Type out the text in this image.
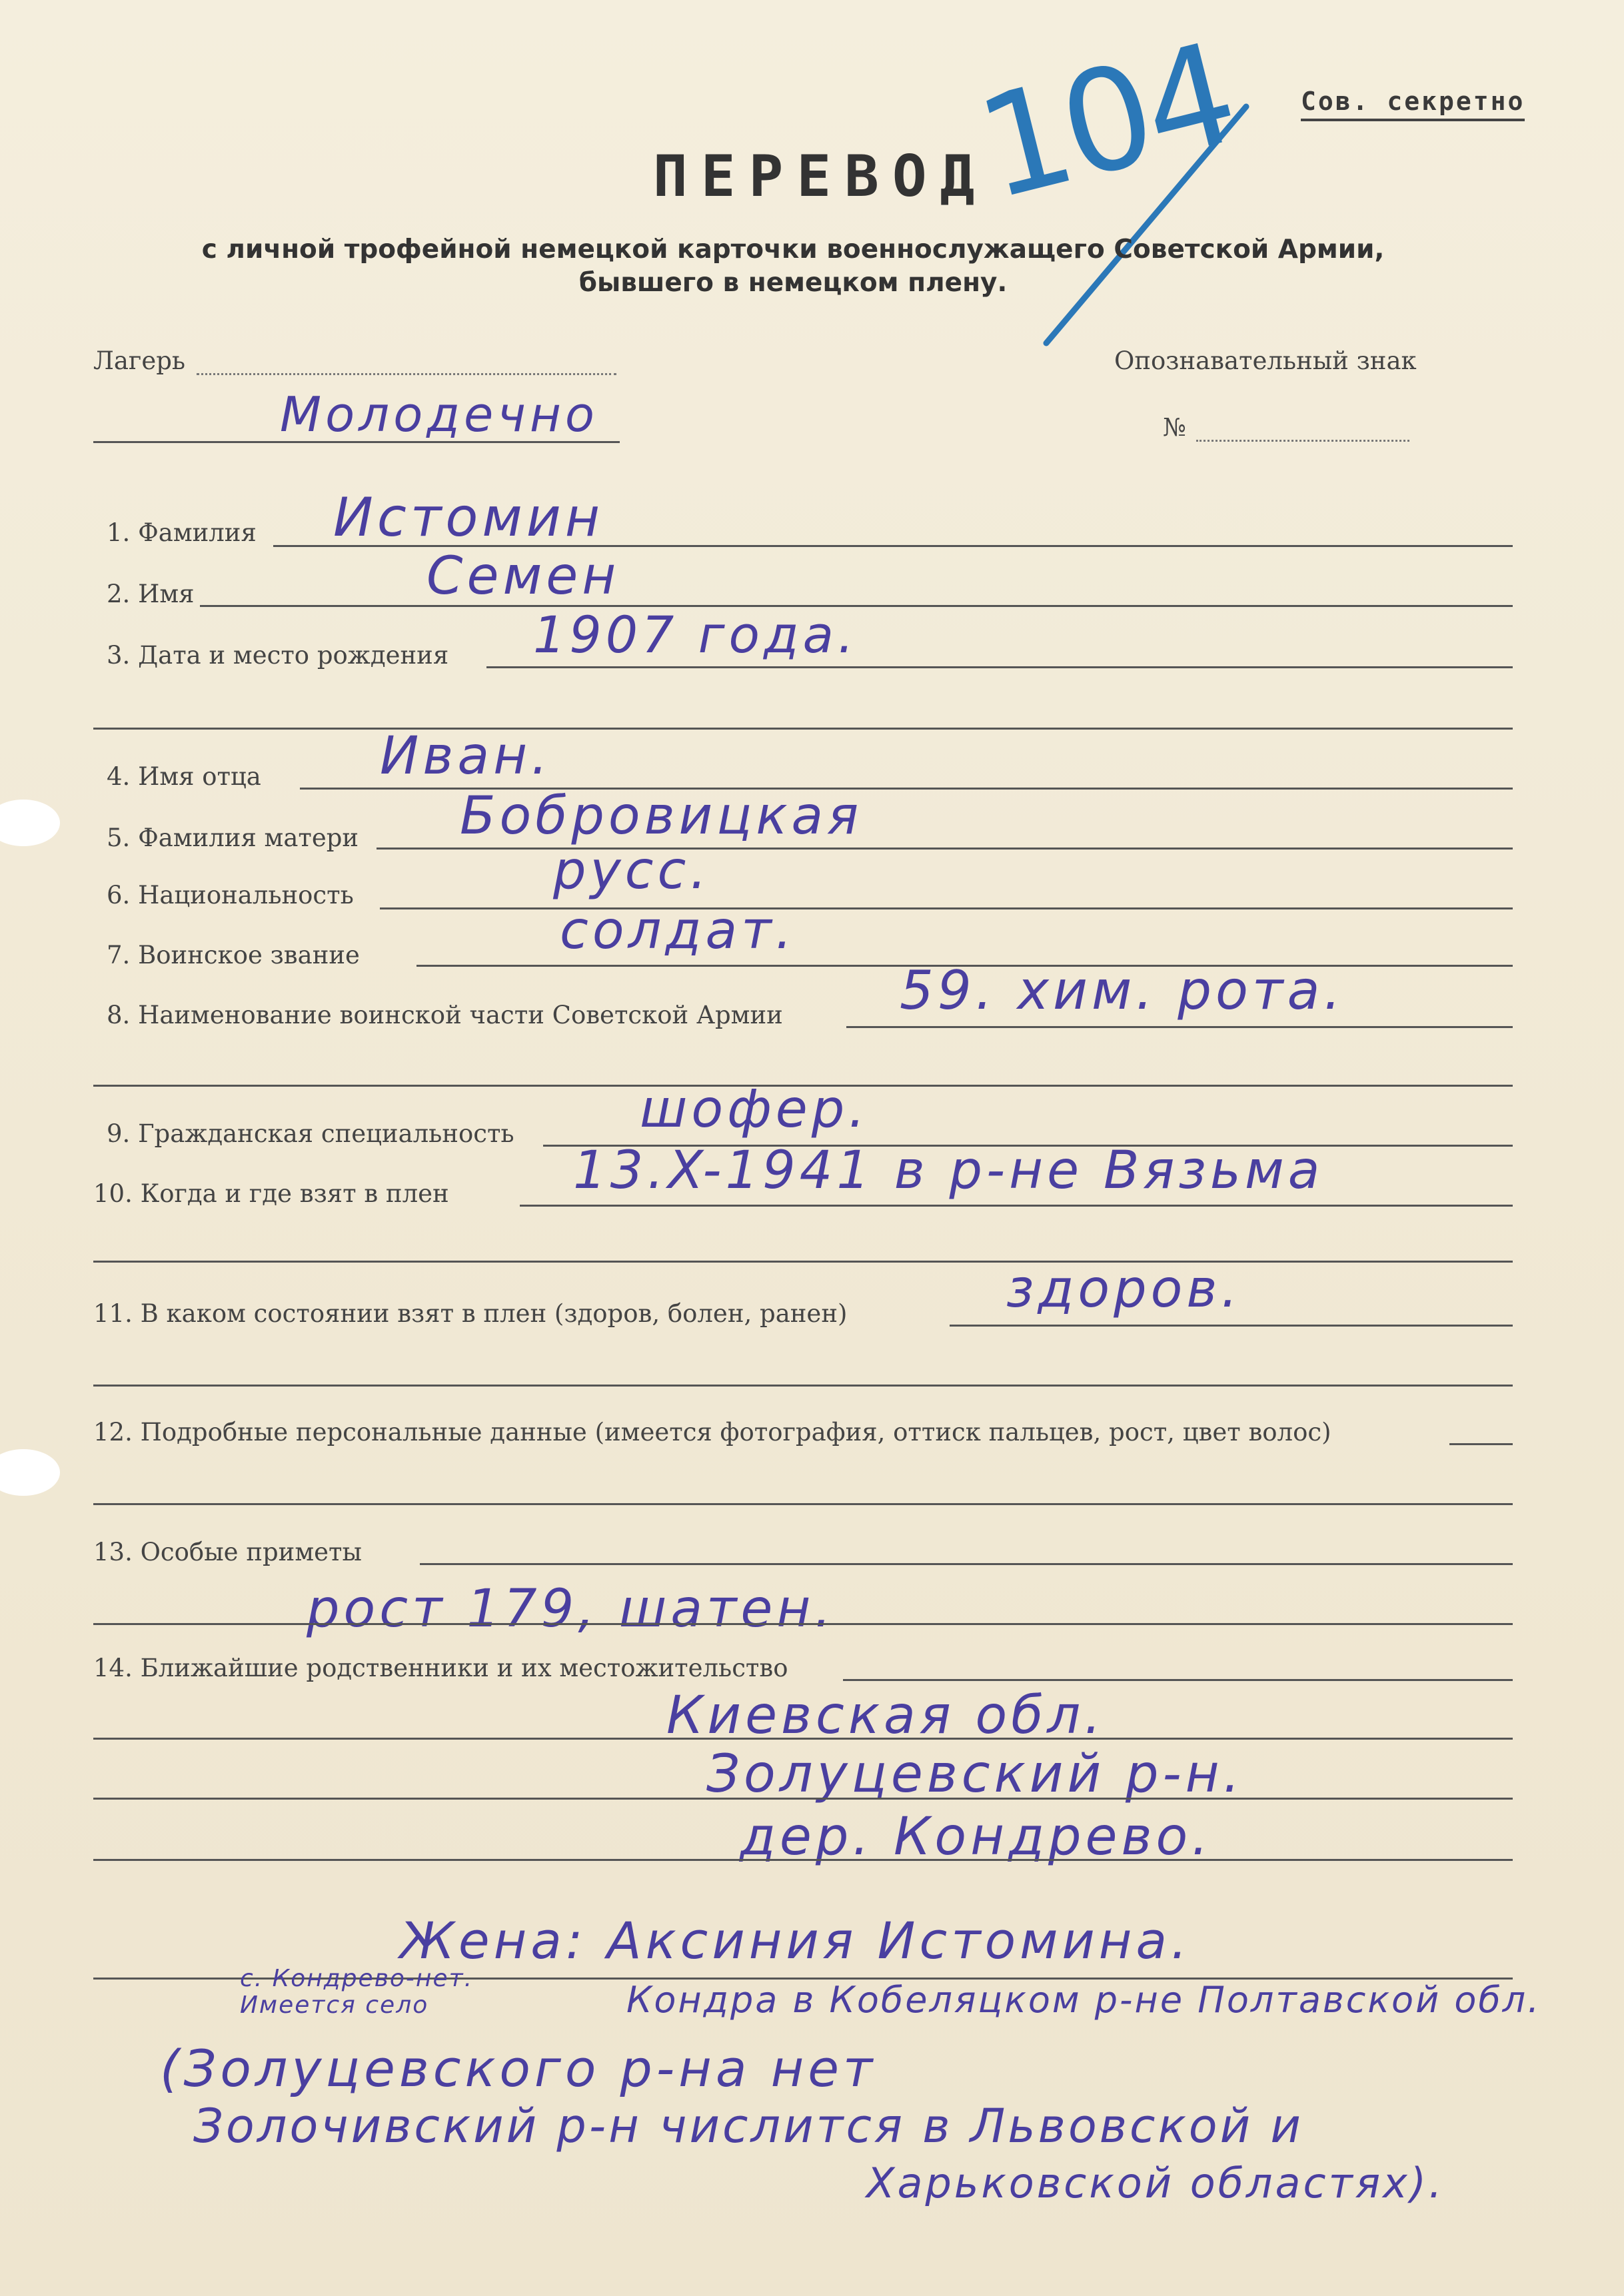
Сов. секретно
104
ПЕРЕВОД
с личной трофейной немецкой карточки военнослужащего Советской Армии,
бывшего в немецком плену.
Лагерь
Молодечно
Опознавательный знак
№
1. Фамилия Истомин
2. Имя	Семен
3. Дата и место рождения 1907 года.
4. Имя отца Иван.
5. Фамилия матери Бобровицкая
6. Национальность	русс.
7. Воинское звание	солдат.
8. Наименование воинской части Советской Армии 59. хим. рота.
9. Гражданская специальность шофер.
10. Когда и где взят в плен 13.X-1941 в р-не Вязьма
11. В каком состоянии взят в плен (здоров, болен, ранен)	здоров.
12. Подробные персональные данные (имеется фотография, оттиск пальцев, рост, цвет волос)
13. Особые приметы
рост 179, шатен.
14. Ближайшие родственники и их местожительство
Киевская обл.
Золуцевский р-н.
дер. Кондрево.
Жена: Аксиния Истомина.
с. Кондрево-нет. Имеется село	Кондра в Кобеляцком р-не Полтавской обл.
(Золуцевского р-на нет
Золочивский р-н числится в Львовской и
Харьковской областях).
